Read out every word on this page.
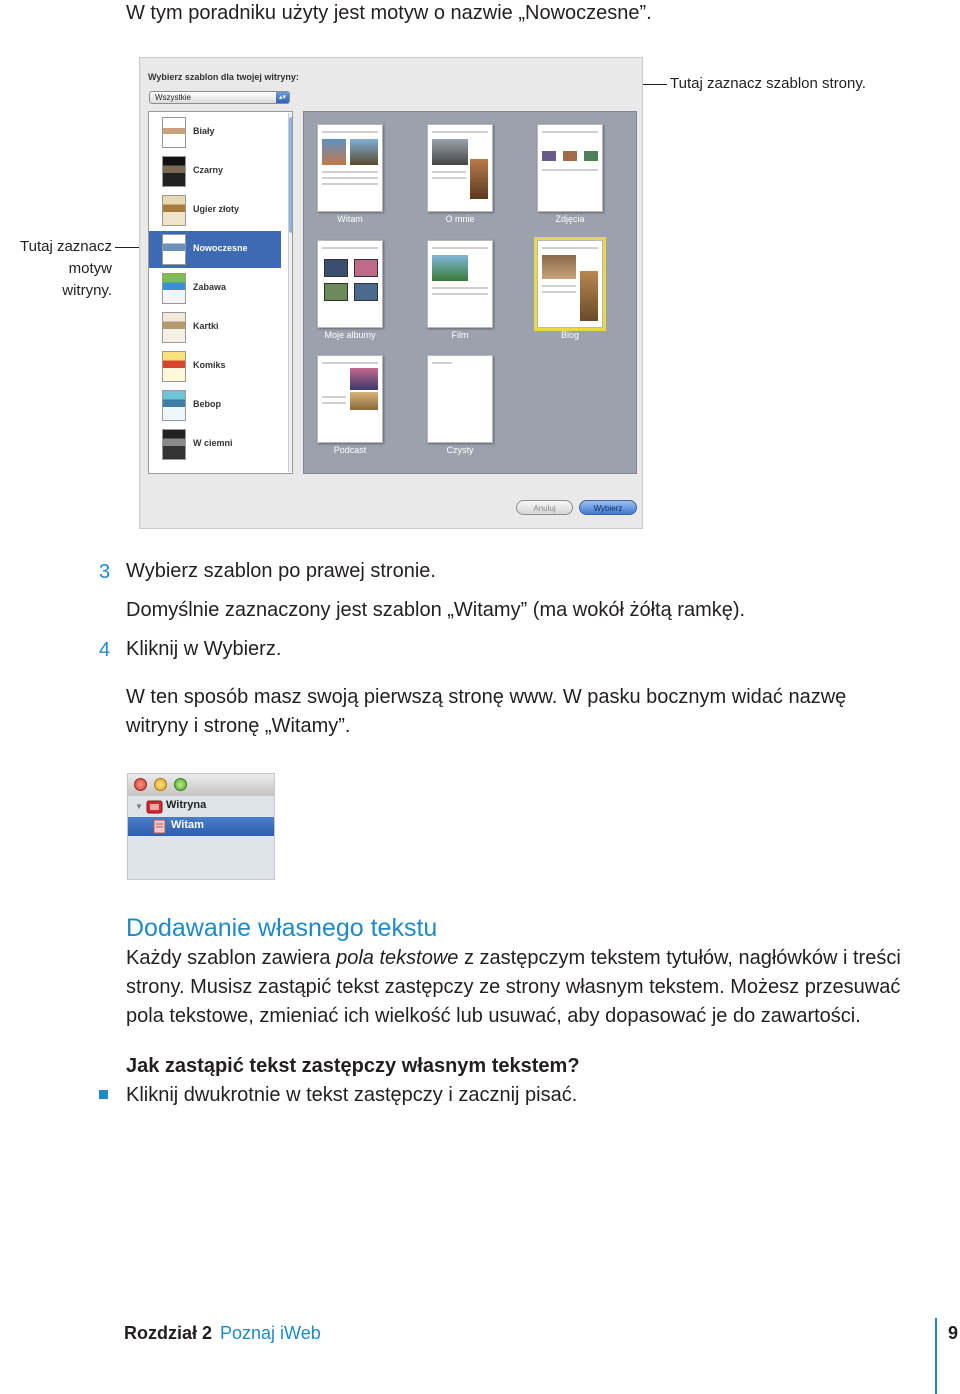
W tym poradniku użyty jest motyw o nazwie „Nowoczesne”.
Tutaj zaznacz szablon strony.
Tutaj zaznacz
motyw witryny.
Wybierz szablon dla twojej witryny:
Wszystkie	▴▾
Biały
Czarny
Ugier złoty
Nowoczesne
Zabawa
Kartki
Komiks
Bebop
W ciemni
Witam	O mnie	Zdjęcia
Moje albumy	Film	Blog
Podcast	Czysty
Anuluj	Wybierz
3 Wybierz szablon po prawej stronie.
Domyślnie zaznaczony jest szablon „Witamy” (ma wokół żółtą ramkę).
4 Kliknij w Wybierz.
W ten sposób masz swoją pierwszą stronę www. W pasku bocznym widać nazwę
witryny i stronę „Witamy”.
▼ Witryna
Witam
Dodawanie własnego tekstu
Każdy szablon zawiera pola tekstowe z zastępczym tekstem tytułów, nagłówków i treści
strony. Musisz zastąpić tekst zastępczy ze strony własnym tekstem. Możesz przesuwać
pola tekstowe, zmieniać ich wielkość lub usuwać, aby dopasować je do zawartości.
Jak zastąpić tekst zastępczy własnym tekstem?
Kliknij dwukrotnie w tekst zastępczy i zacznij pisać.
Rozdział 2 Poznaj iWeb	9
